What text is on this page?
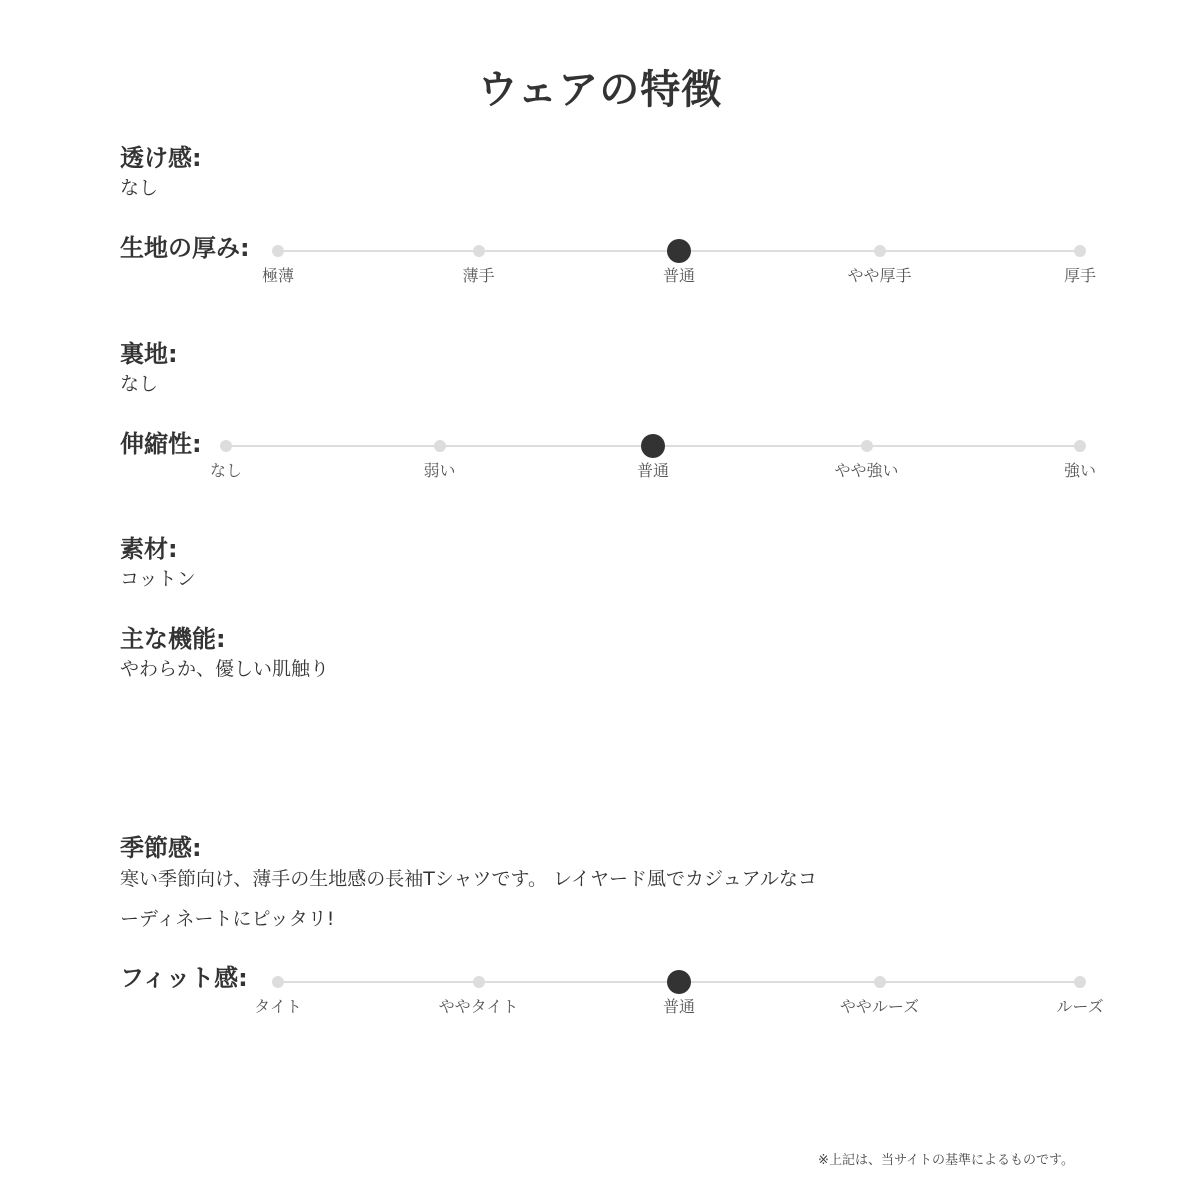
ウェアの特徴
透け感:
なし
生地の厚み:
極薄	薄手	普通	やや厚手	厚手
裏地:
なし
伸縮性:
なし	弱い	普通	やや強い	強い
素材:
コットン
主な機能:
やわらか、優しい肌触り
季節感:
寒い季節向け、薄手の生地感の長袖Tシャツです。 レイヤード風でカジュアルなコ
ーディネートにピッタリ!
フィット感:
タイト	ややタイト	普通	ややルーズ	ルーズ
※上記は、当サイトの基準によるものです。
